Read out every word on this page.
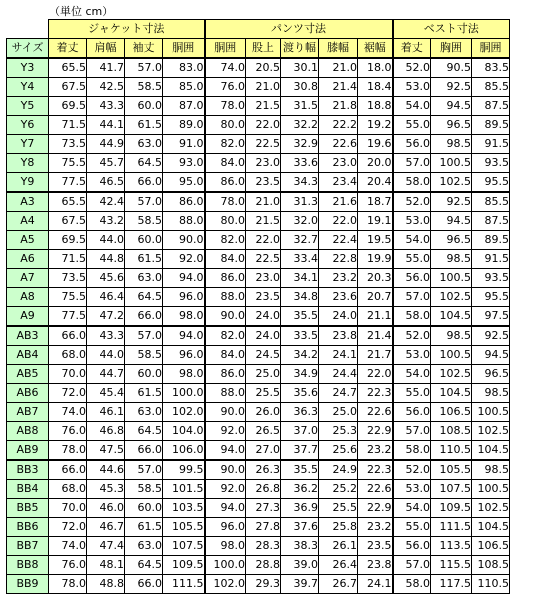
（単位 cm）
	ジャケット寸法				パンツ寸法					ベスト寸法		
サイズ	着丈	肩幅	袖丈	胴囲	胴囲	股上	渡り幅	膝幅	裾幅	着丈	胸囲	胴囲
Y3	65.5	41.7	57.0	83.0	74.0	20.5	30.1	21.0	18.0	52.0	90.5	83.5
Y4	67.5	42.5	58.5	85.0	76.0	21.0	30.8	21.4	18.4	53.0	92.5	85.5
Y5	69.5	43.3	60.0	87.0	78.0	21.5	31.5	21.8	18.8	54.0	94.5	87.5
Y6	71.5	44.1	61.5	89.0	80.0	22.0	32.2	22.2	19.2	55.0	96.5	89.5
Y7	73.5	44.9	63.0	91.0	82.0	22.5	32.9	22.6	19.6	56.0	98.5	91.5
Y8	75.5	45.7	64.5	93.0	84.0	23.0	33.6	23.0	20.0	57.0	100.5	93.5
Y9	77.5	46.5	66.0	95.0	86.0	23.5	34.3	23.4	20.4	58.0	102.5	95.5
A3	65.5	42.4	57.0	86.0	78.0	21.0	31.3	21.6	18.7	52.0	92.5	85.5
A4	67.5	43.2	58.5	88.0	80.0	21.5	32.0	22.0	19.1	53.0	94.5	87.5
A5	69.5	44.0	60.0	90.0	82.0	22.0	32.7	22.4	19.5	54.0	96.5	89.5
A6	71.5	44.8	61.5	92.0	84.0	22.5	33.4	22.8	19.9	55.0	98.5	91.5
A7	73.5	45.6	63.0	94.0	86.0	23.0	34.1	23.2	20.3	56.0	100.5	93.5
A8	75.5	46.4	64.5	96.0	88.0	23.5	34.8	23.6	20.7	57.0	102.5	95.5
A9	77.5	47.2	66.0	98.0	90.0	24.0	35.5	24.0	21.1	58.0	104.5	97.5
AB3	66.0	43.3	57.0	94.0	82.0	24.0	33.5	23.8	21.4	52.0	98.5	92.5
AB4	68.0	44.0	58.5	96.0	84.0	24.5	34.2	24.1	21.7	53.0	100.5	94.5
AB5	70.0	44.7	60.0	98.0	86.0	25.0	34.9	24.4	22.0	54.0	102.5	96.5
AB6	72.0	45.4	61.5	100.0	88.0	25.5	35.6	24.7	22.3	55.0	104.5	98.5
AB7	74.0	46.1	63.0	102.0	90.0	26.0	36.3	25.0	22.6	56.0	106.5	100.5
AB8	76.0	46.8	64.5	104.0	92.0	26.5	37.0	25.3	22.9	57.0	108.5	102.5
AB9	78.0	47.5	66.0	106.0	94.0	27.0	37.7	25.6	23.2	58.0	110.5	104.5
BB3	66.0	44.6	57.0	99.5	90.0	26.3	35.5	24.9	22.3	52.0	105.5	98.5
BB4	68.0	45.3	58.5	101.5	92.0	26.8	36.2	25.2	22.6	53.0	107.5	100.5
BB5	70.0	46.0	60.0	103.5	94.0	27.3	36.9	25.5	22.9	54.0	109.5	102.5
BB6	72.0	46.7	61.5	105.5	96.0	27.8	37.6	25.8	23.2	55.0	111.5	104.5
BB7	74.0	47.4	63.0	107.5	98.0	28.3	38.3	26.1	23.5	56.0	113.5	106.5
BB8	76.0	48.1	64.5	109.5	100.0	28.8	39.0	26.4	23.8	57.0	115.5	108.5
BB9	78.0	48.8	66.0	111.5	102.0	29.3	39.7	26.7	24.1	58.0	117.5	110.5
